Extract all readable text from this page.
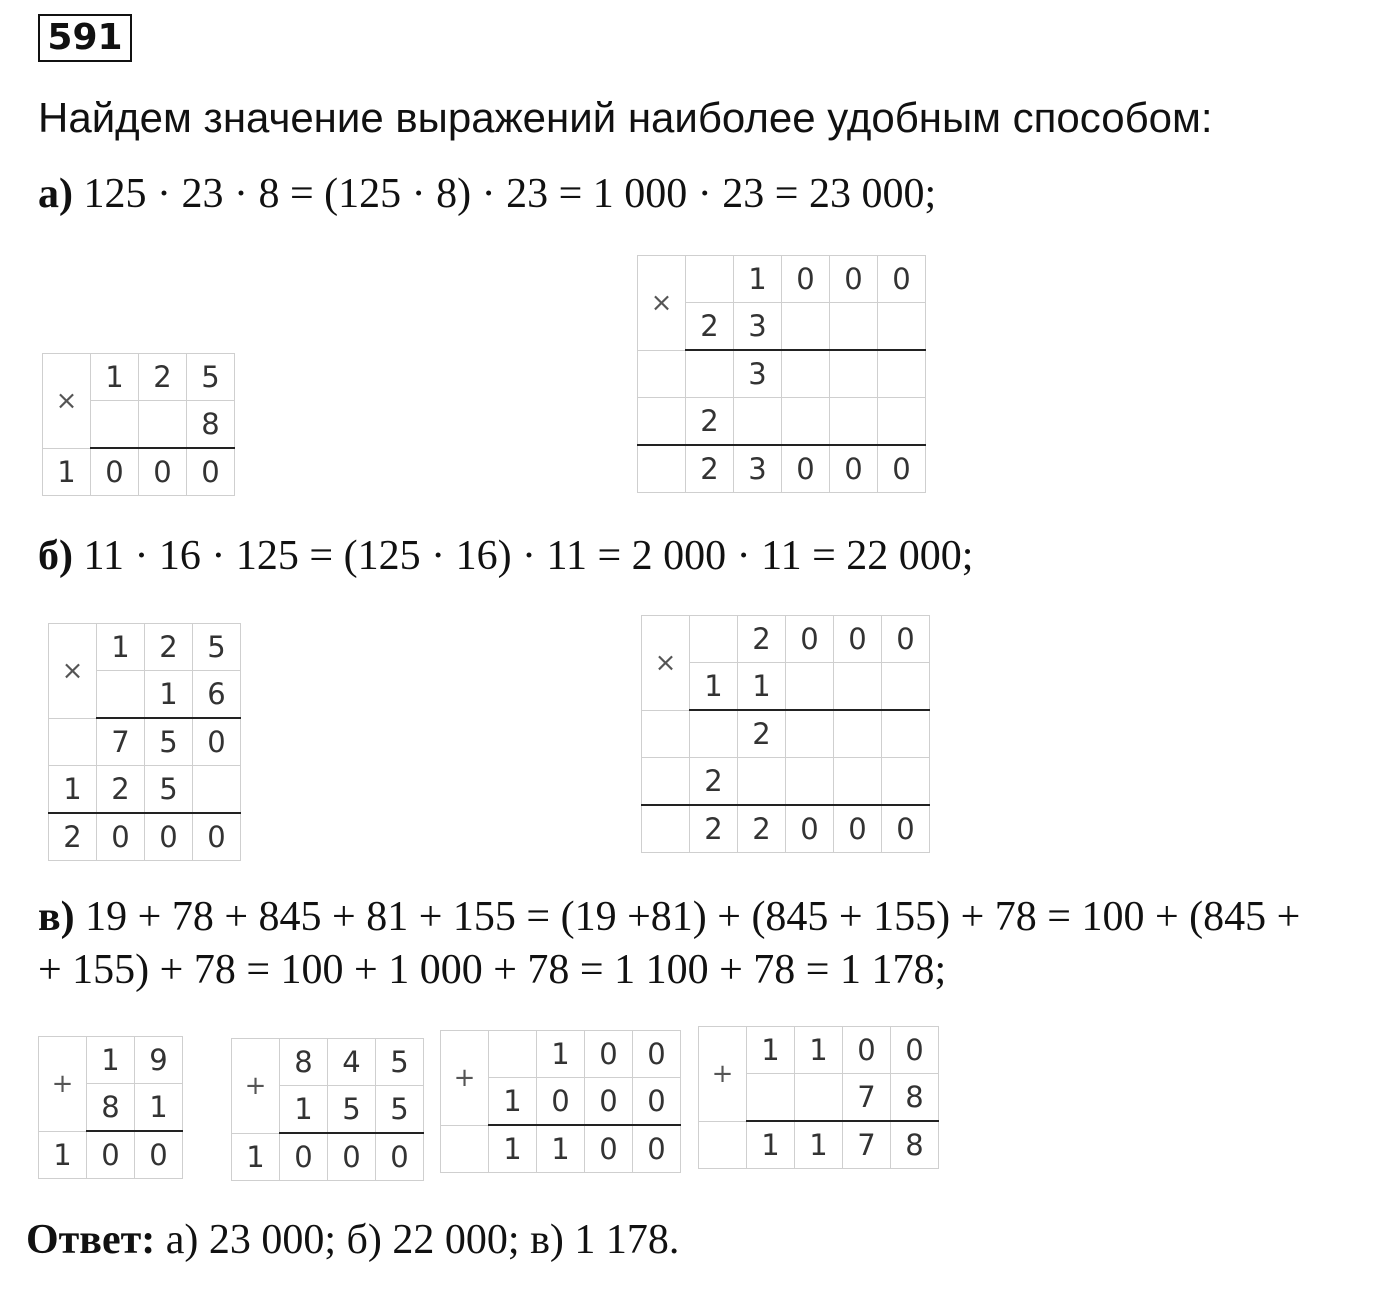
591
Найдем значение выражений наиболее удобным способом:
а) 125 · 23 · 8 = (125 · 8) · 23 = 1 000 · 23 = 23 000;
×	1	2	5
			8
1	0	0	0
×		1	0	0	0
	2	3			
		3			
	2				
	2	3	0	0	0
б) 11 · 16 · 125 = (125 · 16) · 11 = 2 000 · 11 = 22 000;
×	1	2	5
		1	6
	7	5	0
1	2	5	
2	0	0	0
×		2	0	0	0
	1	1			
		2			
	2				
	2	2	0	0	0
в) 19 + 78 + 845 + 81 + 155 = (19 +81) + (845 + 155) + 78 = 100 + (845 +
+ 155) + 78 = 100 + 1 000 + 78 = 1 100 + 78 = 1 178;
+	1	9
	8	1
1	0	0
+	8	4	5
	1	5	5
1	0	0	0
+		1	0	0
	1	0	0	0
	1	1	0	0
+	1	1	0	0
			7	8
	1	1	7	8
Ответ: а) 23 000; б) 22 000; в) 1 178.
